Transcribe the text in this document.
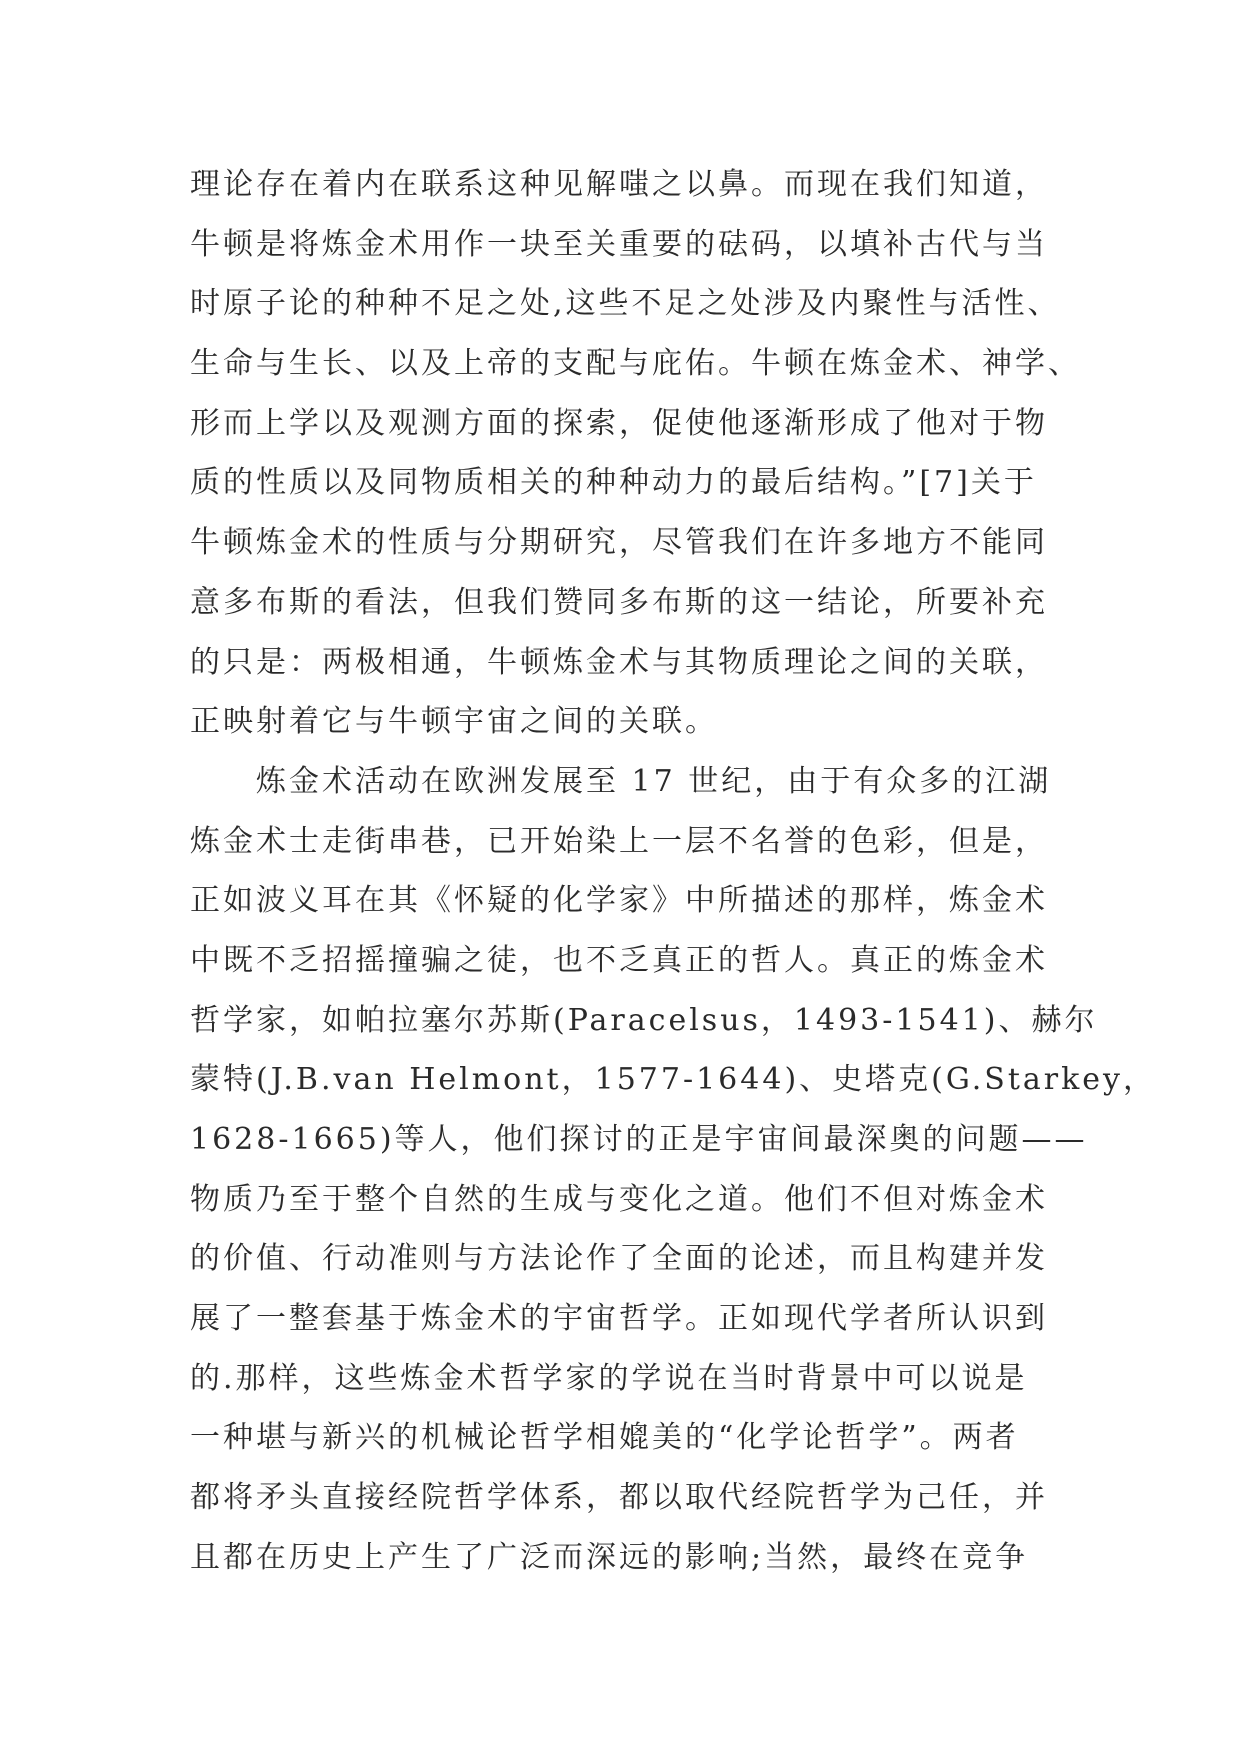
理论存在着内在联系这种见解嗤之以鼻。而现在我们知道，
牛顿是将炼金术用作一块至关重要的砝码，以填补古代与当
时原子论的种种不足之处,这些不足之处涉及内聚性与活性、
生命与生长、以及上帝的支配与庇佑。牛顿在炼金术、神学、
形而上学以及观测方面的探索，促使他逐渐形成了他对于物
质的性质以及同物质相关的种种动力的最后结构。”[7]关于
牛顿炼金术的性质与分期研究，尽管我们在许多地方不能同
意多布斯的看法，但我们赞同多布斯的这一结论，所要补充
的只是：两极相通，牛顿炼金术与其物质理论之间的关联，
正映射着它与牛顿宇宙之间的关联。
炼金术活动在欧洲发展至 17 世纪，由于有众多的江湖
炼金术士走街串巷，已开始染上一层不名誉的色彩，但是，
正如波义耳在其《怀疑的化学家》中所描述的那样，炼金术
中既不乏招摇撞骗之徒，也不乏真正的哲人。真正的炼金术
哲学家，如帕拉塞尔苏斯(Paracelsus，1493-1541)、赫尔
蒙特(J.B.van Helmont，1577-1644)、史塔克(G.Starkey，
1628-1665)等人，他们探讨的正是宇宙间最深奥的问题——
物质乃至于整个自然的生成与变化之道。他们不但对炼金术
的价值、行动准则与方法论作了全面的论述，而且构建并发
展了一整套基于炼金术的宇宙哲学。正如现代学者所认识到
的.那样，这些炼金术哲学家的学说在当时背景中可以说是
一种堪与新兴的机械论哲学相媲美的“化学论哲学”。两者
都将矛头直接经院哲学体系，都以取代经院哲学为己任，并
且都在历史上产生了广泛而深远的影响;当然，最终在竞争
